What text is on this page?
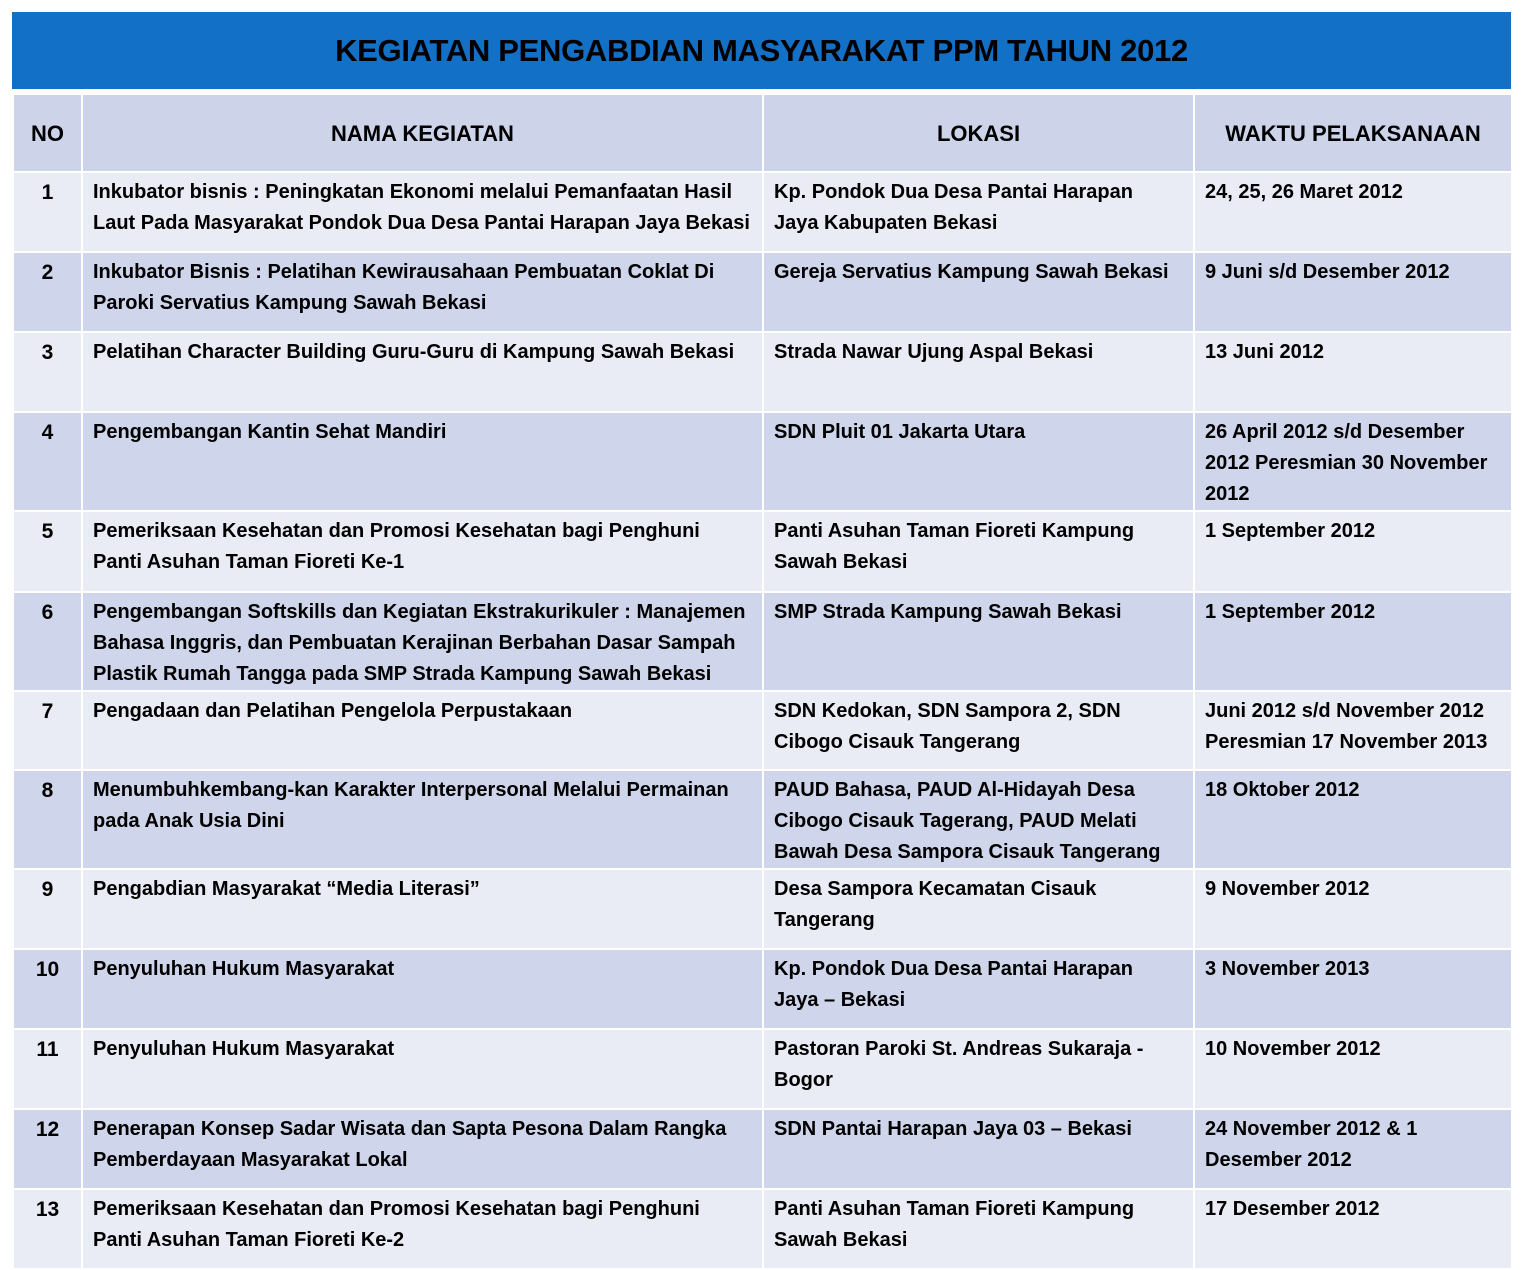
KEGIATAN PENGABDIAN MASYARAKAT PPM TAHUN 2012
NO	NAMA KEGIATAN	LOKASI	WAKTU PELAKSANAAN
1	Inkubator bisnis : Peningkatan Ekonomi melalui Pemanfaatan Hasil Laut Pada Masyarakat Pondok Dua Desa Pantai Harapan Jaya Bekasi	Kp. Pondok Dua Desa Pantai Harapan Jaya Kabupaten Bekasi	24, 25, 26 Maret 2012
2	Inkubator Bisnis : Pelatihan Kewirausahaan Pembuatan Coklat Di Paroki Servatius Kampung Sawah Bekasi	Gereja Servatius Kampung Sawah Bekasi	9 Juni s/d Desember 2012
3	Pelatihan Character Building Guru-Guru di Kampung Sawah Bekasi	Strada Nawar Ujung Aspal Bekasi	13 Juni 2012
4	Pengembangan Kantin Sehat Mandiri	SDN Pluit 01 Jakarta Utara	26 April 2012 s/d Desember 2012 Peresmian 30 November 2012
5	Pemeriksaan Kesehatan dan Promosi Kesehatan bagi Penghuni Panti Asuhan Taman Fioreti Ke-1	Panti Asuhan Taman Fioreti Kampung Sawah Bekasi	1 September 2012
6	Pengembangan Softskills dan Kegiatan Ekstrakurikuler : Manajemen Bahasa Inggris, dan Pembuatan Kerajinan Berbahan Dasar Sampah Plastik Rumah Tangga pada SMP Strada Kampung Sawah Bekasi	SMP Strada Kampung Sawah Bekasi	1 September 2012
7	Pengadaan dan Pelatihan Pengelola Perpustakaan	SDN Kedokan, SDN Sampora 2, SDN Cibogo Cisauk Tangerang	Juni 2012 s/d November 2012 Peresmian 17 November 2013
8	Menumbuhkembang-kan Karakter Interpersonal Melalui Permainan pada Anak Usia Dini	PAUD Bahasa, PAUD Al-Hidayah Desa Cibogo Cisauk Tagerang, PAUD Melati Bawah Desa Sampora Cisauk Tangerang	18 Oktober 2012
9	Pengabdian Masyarakat “Media Literasi”	Desa Sampora Kecamatan Cisauk Tangerang	9 November 2012
10	Penyuluhan Hukum Masyarakat	Kp. Pondok Dua Desa Pantai Harapan Jaya – Bekasi	3 November 2013
11	Penyuluhan Hukum Masyarakat	Pastoran Paroki St. Andreas Sukaraja - Bogor	10 November 2012
12	Penerapan Konsep Sadar Wisata dan Sapta Pesona Dalam Rangka Pemberdayaan Masyarakat Lokal	SDN Pantai Harapan Jaya 03 – Bekasi	24 November 2012 & 1 Desember 2012
13	Pemeriksaan Kesehatan dan Promosi Kesehatan bagi Penghuni Panti Asuhan Taman Fioreti Ke-2	Panti Asuhan Taman Fioreti Kampung Sawah Bekasi	17 Desember 2012
